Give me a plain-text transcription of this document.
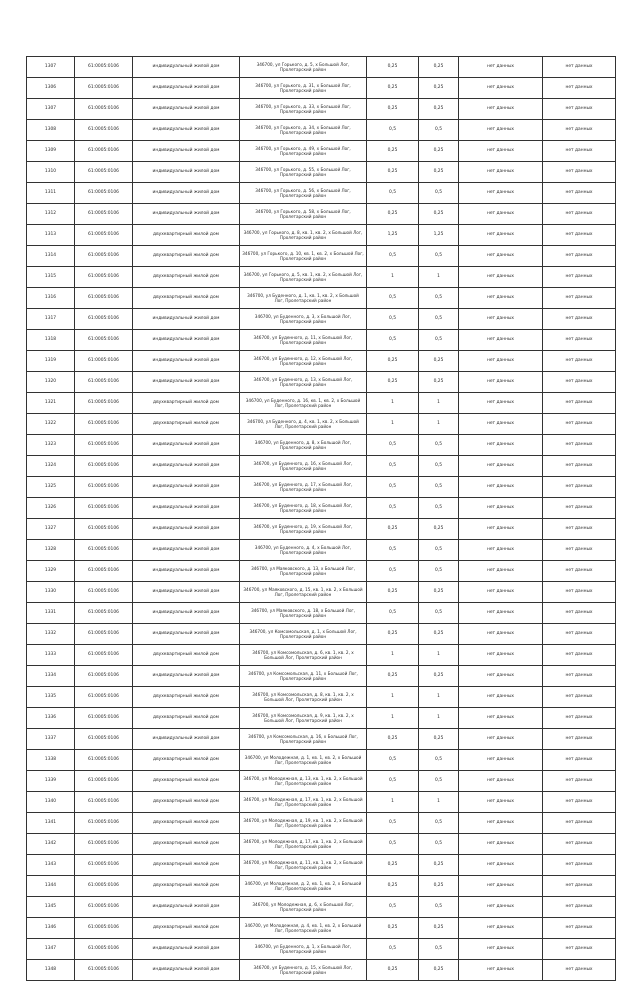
1307	61:0005:0106	индивидуальный жилой дом	346700, ул Горького, д. 5, х Большой Лог, Пролетарский район	0,25	0,25	нет данных	нет данных
1306	61:0005:0106	индивидуальный жилой дом	346700, ул Горького, д. 31, х Большой Лог, Пролетарский район	0,25	0,25	нет данных	нет данных
1307	61:0005:0106	индивидуальный жилой дом	346700, ул Горького, д. 33, х Большой Лог, Пролетарский район	0,25	0,25	нет данных	нет данных
1308	61:0005:0106	индивидуальный жилой дом	346700, ул Горького, д. 34, х Большой Лог, Пролетарский район	0,5	0,5	нет данных	нет данных
1309	61:0005:0106	индивидуальный жилой дом	346700, ул Горького, д. 49, х Большой Лог, Пролетарский район	0,25	0,25	нет данных	нет данных
1310	61:0005:0106	индивидуальный жилой дом	346700, ул Горького, д. 55, х Большой Лог, Пролетарский район	0,25	0,25	нет данных	нет данных
1311	61:0005:0106	индивидуальный жилой дом	346700, ул Горького, д. 56, х Большой Лог, Пролетарский район	0,5	0,5	нет данных	нет данных
1312	61:0005:0106	индивидуальный жилой дом	346700, ул Горького, д. 58, х Большой Лог, Пролетарский район	0,25	0,25	нет данных	нет данных
1313	61:0005:0106	двухквартирный жилой дом	346700, ул Горького, д. 8, кв. 1, кв. 2, х Большой Лог, Пролетарский район	1,25	1,25	нет данных	нет данных
1314	61:0005:0106	двухквартирный жилой дом	346700, ул Горького, д. 10, кв. 1, кв. 2, х Большой Лог, Пролетарский район	0,5	0,5	нет данных	нет данных
1315	61:0005:0106	двухквартирный жилой дом	346700, ул Горького, д. 5, кв. 1, кв. 2, х Большой Лог, Пролетарский район	1	1	нет данных	нет данных
1316	61:0005:0106	двухквартирный жилой дом	346700, ул Буденного, д. 1, кв. 1, кв. 2, х Большой Лог, Пролетарский район	0,5	0,5	нет данных	нет данных
1317	61:0005:0106	индивидуальный жилой дом	346700, ул Буденного, д. 3, х Большой Лог, Пролетарский район	0,5	0,5	нет данных	нет данных
1318	61:0005:0106	индивидуальный жилой дом	346700, ул Буденного, д. 11, х Большой Лог, Пролетарский район	0,5	0,5	нет данных	нет данных
1319	61:0005:0106	индивидуальный жилой дом	346700, ул Буденного, д. 12, х Большой Лог, Пролетарский район	0,25	0,25	нет данных	нет данных
1320	61:0005:0106	индивидуальный жилой дом	346700, ул Буденного, д. 13, х Большой Лог, Пролетарский район	0,25	0,25	нет данных	нет данных
1321	61:0005:0106	двухквартирный жилой дом	346700, ул Буденного, д. 16, кв. 1, кв. 2, х Большой Лог, Пролетарский район	1	1	нет данных	нет данных
1322	61:0005:0106	двухквартирный жилой дом	346700, ул Буденного, д. 4, кв. 1, кв. 2, х Большой Лог, Пролетарский район	1	1	нет данных	нет данных
1323	61:0005:0106	индивидуальный жилой дом	346700, ул Буденного, д. 8, х Большой Лог, Пролетарский район	0,5	0,5	нет данных	нет данных
1324	61:0005:0106	индивидуальный жилой дом	346700, ул Буденного, д. 16, х Большой Лог, Пролетарский район	0,5	0,5	нет данных	нет данных
1325	61:0005:0106	индивидуальный жилой дом	346700, ул Буденного, д. 17, х Большой Лог, Пролетарский район	0,5	0,5	нет данных	нет данных
1326	61:0005:0106	индивидуальный жилой дом	346700, ул Буденного, д. 18, х Большой Лог, Пролетарский район	0,5	0,5	нет данных	нет данных
1327	61:0005:0106	индивидуальный жилой дом	346700, ул Буденного, д. 19, х Большой Лог, Пролетарский район	0,25	0,25	нет данных	нет данных
1328	61:0005:0106	индивидуальный жилой дом	346700, ул Буденного, д. 4, х Большой Лог, Пролетарский район	0,5	0,5	нет данных	нет данных
1329	61:0005:0106	индивидуальный жилой дом	346700, ул Маяковского, д. 13, х Большой Лог, Пролетарский район	0,5	0,5	нет данных	нет данных
1330	61:0005:0106	индивидуальный жилой дом	346700, ул Маяковского, д. 15, кв. 1, кв. 2, х Большой Лог, Пролетарский район	0,25	0,25	нет данных	нет данных
1331	61:0005:0106	индивидуальный жилой дом	346700, ул Маяковского, д. 18, х Большой Лог, Пролетарский район	0,5	0,5	нет данных	нет данных
1332	61:0005:0106	индивидуальный жилой дом	346700, ул Комсомольская, д. 1, х Большой Лог, Пролетарский район	0,25	0,25	нет данных	нет данных
1333	61:0005:0106	двухквартирный жилой дом	346700, ул Комсомольская, д. 6, кв. 1, кв. 2, х Большой Лог, Пролетарский район	1	1	нет данных	нет данных
1334	61:0005:0106	индивидуальный жилой дом	346700, ул Комсомольская, д. 11, х Большой Лог, Пролетарский район	0,25	0,25	нет данных	нет данных
1335	61:0005:0106	двухквартирный жилой дом	346700, ул Комсомольская, д. 8, кв. 1, кв. 2, х Большой Лог, Пролетарский район	1	1	нет данных	нет данных
1336	61:0005:0106	двухквартирный жилой дом	346700, ул Комсомольская, д. 9, кв. 1, кв. 2, х Большой Лог, Пролетарский район	1	1	нет данных	нет данных
1337	61:0005:0106	индивидуальный жилой дом	346700, ул Комсомольская, д. 16, х Большой Лог, Пролетарский район	0,25	0,25	нет данных	нет данных
1338	61:0005:0106	двухквартирный жилой дом	346700, ул Молодежная, д. 1, кв. 1, кв. 2, х Большой Лог, Пролетарский район	0,5	0,5	нет данных	нет данных
1339	61:0005:0106	двухквартирный жилой дом	346700, ул Молодежная, д. 13, кв. 1, кв. 2, х Большой Лог, Пролетарский район	0,5	0,5	нет данных	нет данных
1340	61:0005:0106	двухквартирный жилой дом	346700, ул Молодежная, д. 17, кв. 1, кв. 2, х Большой Лог, Пролетарский район	1	1	нет данных	нет данных
1341	61:0005:0106	двухквартирный жилой дом	346700, ул Молодежная, д. 19, кв. 1, кв. 2, х Большой Лог, Пролетарский район	0,5	0,5	нет данных	нет данных
1342	61:0005:0106	двухквартирный жилой дом	346700, ул Молодежная, д. 17, кв. 1, кв. 2, х Большой Лог, Пролетарский район	0,5	0,5	нет данных	нет данных
1343	61:0005:0106	двухквартирный жилой дом	346700, ул Молодежная, д. 11, кв. 1, кв. 2, х Большой Лог, Пролетарский район	0,25	0,25	нет данных	нет данных
1344	61:0005:0106	двухквартирный жилой дом	346700, ул Молодежная, д. 2, кв. 1, кв. 2, х Большой Лог, Пролетарский район	0,25	0,25	нет данных	нет данных
1345	61:0005:0106	индивидуальный жилой дом	346700, ул Молодежная, д. 6, х Большой Лог, Пролетарский район	0,5	0,5	нет данных	нет данных
1346	61:0005:0106	двухквартирный жилой дом	346700, ул Молодежная, д. 4, кв. 1, кв. 2, х Большой Лог, Пролетарский район	0,25	0,25	нет данных	нет данных
1347	61:0005:0106	индивидуальный жилой дом	346700, ул Буденного, д. 1, х Большой Лог, Пролетарский район	0,5	0,5	нет данных	нет данных
1348	61:0005:0106	индивидуальный жилой дом	346700, ул Буденного, д. 15, х Большой Лог, Пролетарский район	0,25	0,25	нет данных	нет данных
